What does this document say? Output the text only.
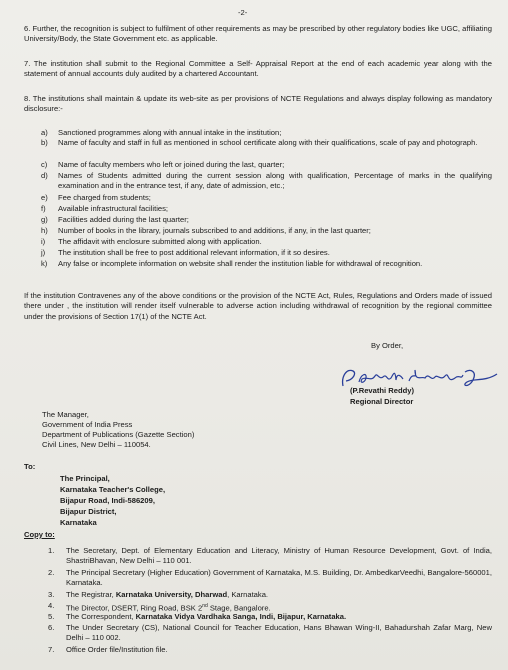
-2-
6. Further, the recognition is subject to fulfilment of other requirements as may be prescribed by other regulatory bodies like UGC, affiliating University/Body, the State Government etc. as applicable.
7. The institution shall submit to the Regional Committee a Self- Appraisal Report at the end of each academic year along with the statement of annual accounts duly audited by a chartered Accountant.
8. The institutions shall maintain & update its web-site as per provisions of NCTE Regulations and always display following as mandatory disclosure:-
a) Sanctioned programmes along with annual intake in the institution;
b) Name of faculty and staff in full as mentioned in school certificate along with their qualifications, scale of pay and photograph.
c) Name of faculty members who left or joined during the last, quarter;
d) Names of Students admitted during the current session along with qualification, Percentage of marks in the qualifying examination and in the entrance test, if any, date of admission, etc.;
e) Fee charged from students;
f) Available infrastructural facilities;
g) Facilities added during the last quarter;
h) Number of books in the library, journals subscribed to and additions, if any, in the last quarter;
i) The affidavit with enclosure submitted along with application.
j) The institution shall be free to post additional relevant information, if it so desires.
k) Any false or incomplete information on website shall render the institution liable for withdrawal of recognition.
If the institution Contravenes any of the above conditions or the provision of the NCTE Act, Rules, Regulations and Orders made of issued there under , the institution will render itself vulnerable to adverse action including withdrawal of recognition by the regional committee under the provisions of Section 17(1) of the NCTE Act.
By Order,
(P.Revathi Reddy)
Regional Director
The Manager,
Government of India Press
Department of Publications (Gazette Section)
Civil Lines, New Delhi – 110054.
To:
The Principal,
Karnataka Teacher's College,
Bijapur Road, Indi-586209,
Bijapur District,
Karnataka
Copy to:
1. The Secretary, Dept. of Elementary Education and Literacy, Ministry of Human Resource Development, Govt. of India, ShastriBhavan, New Delhi – 110 001.
2. The Principal Secretary (Higher Education) Government of Karnataka, M.S. Building, Dr. AmbedkarVeedhi, Bangalore-560001, Karnataka.
3. The Registrar, Karnataka University, Dharwad, Karnataka.
4. The Director, DSERT, Ring Road, BSK 2nd Stage, Bangalore.
5. The Correspondent, Karnataka Vidya Vardhaka Sanga, Indi, Bijapur, Karnataka.
6. The Under Secretary (CS), National Council for Teacher Education, Hans Bhawan Wing-II, Bahadurshah Zafar Marg, New Delhi – 110 002.
7. Office Order file/Institution file.
